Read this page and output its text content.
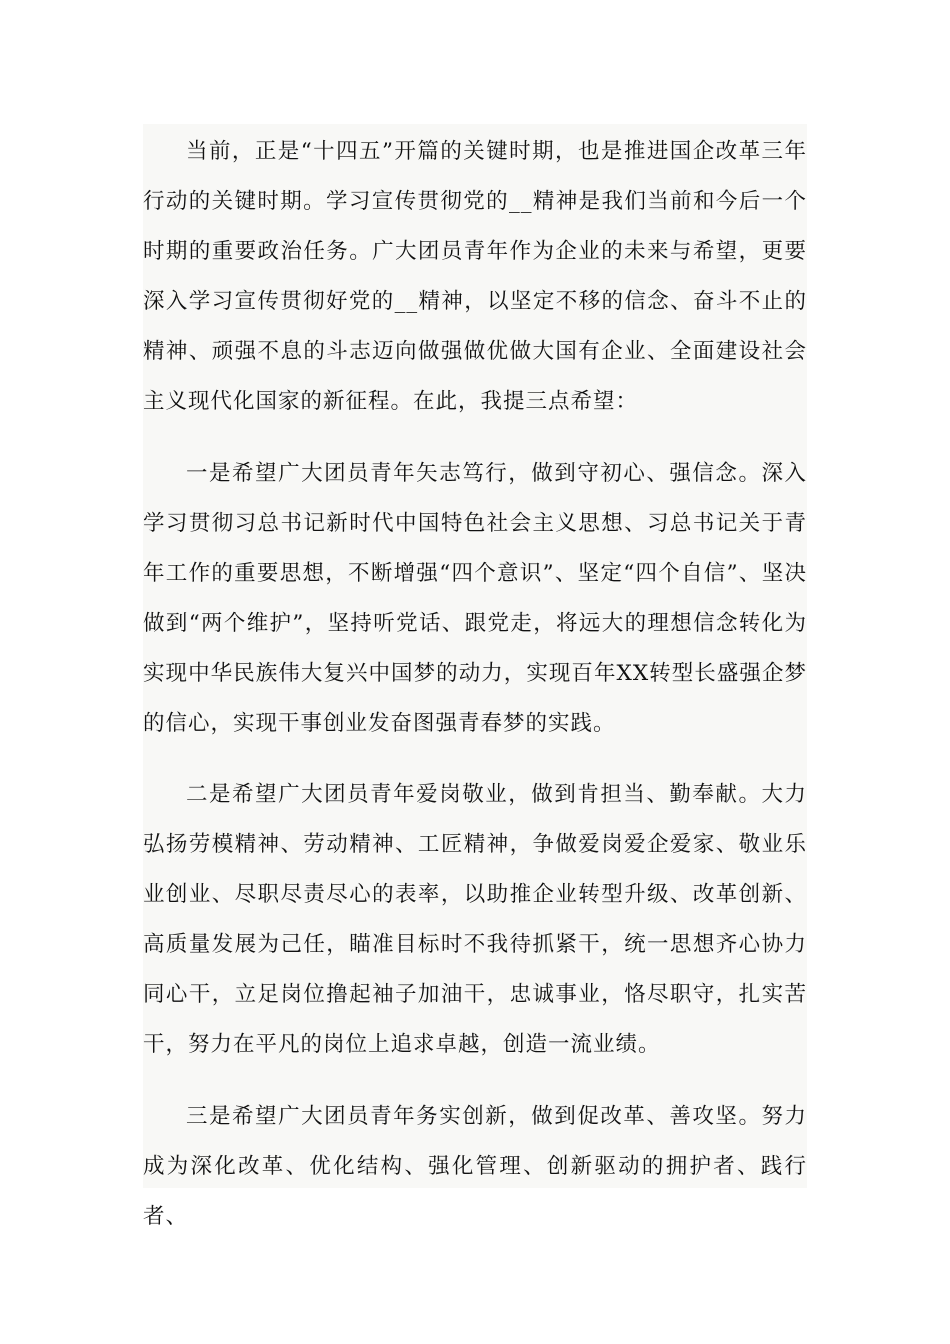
当前，正是“十四五”开篇的关键时期，也是推进国企改革三年行动的关键时期。学习宣传贯彻党的__精神是我们当前和今后一个时期的重要政治任务。广大团员青年作为企业的未来与希望，更要深入学习宣传贯彻好党的__精神，以坚定不移的信念、奋斗不止的精神、顽强不息的斗志迈向做强做优做大国有企业、全面建设社会主义现代化国家的新征程。在此，我提三点希望：

一是希望广大团员青年矢志笃行，做到守初心、强信念。深入学习贯彻习总书记新时代中国特色社会主义思想、习总书记关于青年工作的重要思想，不断增强“四个意识”、坚定“四个自信”、坚决做到“两个维护”，坚持听党话、跟党走，将远大的理想信念转化为实现中华民族伟大复兴中国梦的动力，实现百年XX转型长盛强企梦的信心，实现干事创业发奋图强青春梦的实践。

二是希望广大团员青年爱岗敬业，做到肯担当、勤奉献。大力弘扬劳模精神、劳动精神、工匠精神，争做爱岗爱企爱家、敬业乐业创业、尽职尽责尽心的表率，以助推企业转型升级、改革创新、高质量发展为己任，瞄准目标时不我待抓紧干，统一思想齐心协力同心干，立足岗位撸起袖子加油干，忠诚事业，恪尽职守，扎实苦干，努力在平凡的岗位上追求卓越，创造一流业绩。

三是希望广大团员青年务实创新，做到促改革、善攻坚。努力成为深化改革、优化结构、强化管理、创新驱动的拥护者、践行者、
